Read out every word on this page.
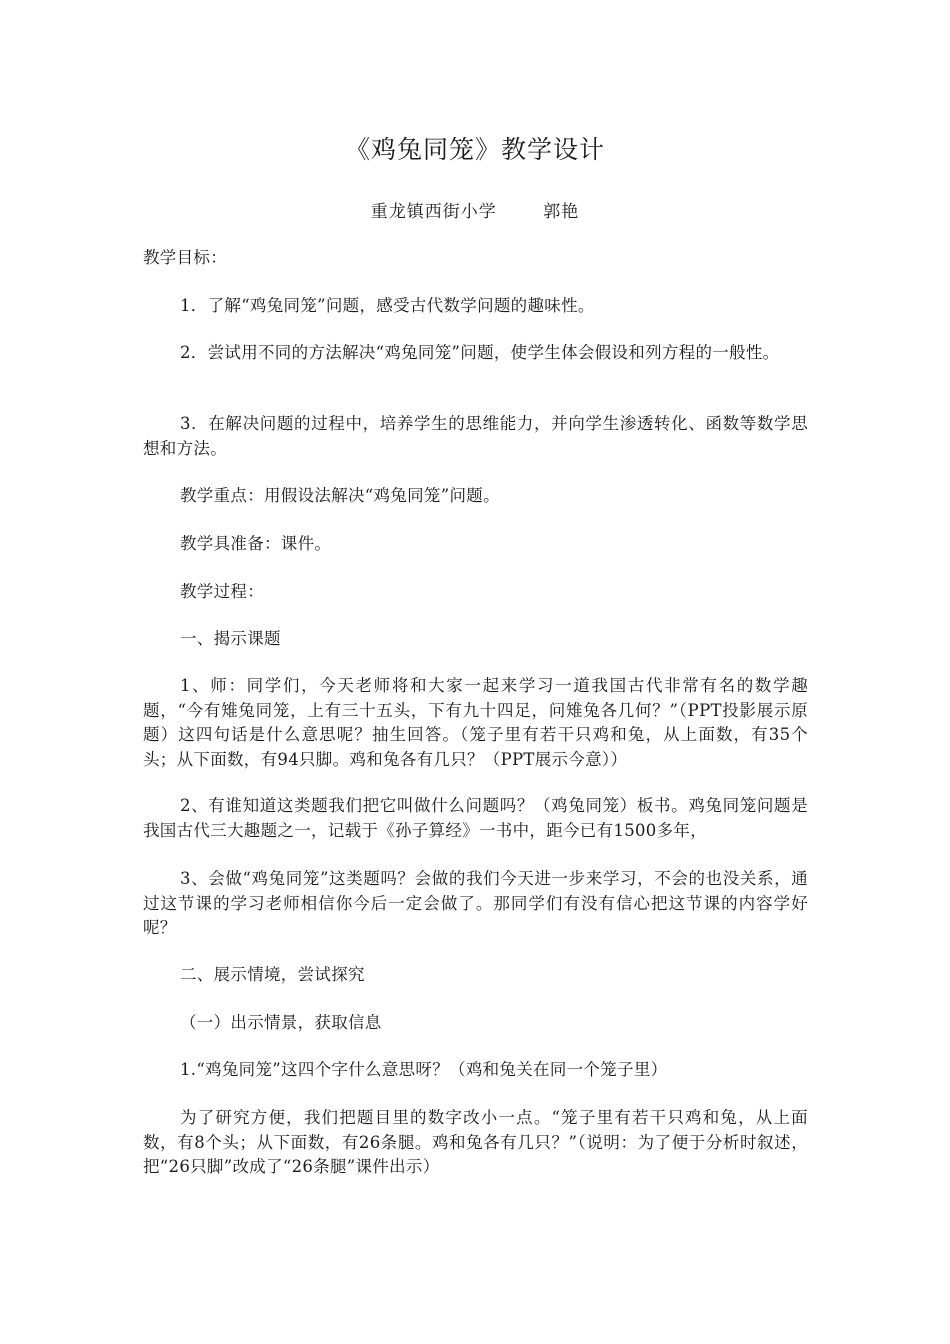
《鸡兔同笼》教学设计
重龙镇西街小学	郭艳
教学目标：
1．了解“鸡兔同笼”问题，感受古代数学问题的趣味性。
2．尝试用不同的方法解决“鸡兔同笼”问题，使学生体会假设和列方程的一般性。
3．在解决问题的过程中，培养学生的思维能力，并向学生渗透转化、函数等数学思想和方法。
教学重点：用假设法解决“鸡兔同笼”问题。
教学具准备：课件。
教学过程：
一、揭示课题
1、师：同学们，今天老师将和大家一起来学习一道我国古代非常有名的数学趣题，“今有雉兔同笼，上有三十五头，下有九十四足，问雉兔各几何？”（PPT投影展示原题）这四句话是什么意思呢？抽生回答。（笼子里有若干只鸡和兔，从上面数，有35个头；从下面数，有94只脚。鸡和兔各有几只？（PPT展示今意））
2、有谁知道这类题我们把它叫做什么问题吗？（鸡兔同笼）板书。鸡兔同笼问题是我国古代三大趣题之一，记载于《孙子算经》一书中，距今已有1500多年，
3、会做“鸡兔同笼”这类题吗？会做的我们今天进一步来学习，不会的也没关系，通过这节课的学习老师相信你今后一定会做了。那同学们有没有信心把这节课的内容学好呢？
二、展示情境，尝试探究
（一）出示情景，获取信息
1.“鸡兔同笼”这四个字什么意思呀？（鸡和兔关在同一个笼子里）
为了研究方便，我们把题目里的数字改小一点。“笼子里有若干只鸡和兔，从上面数，有8个头；从下面数，有26条腿。鸡和兔各有几只？”（说明：为了便于分析时叙述，把“26只脚”改成了“26条腿”课件出示）
